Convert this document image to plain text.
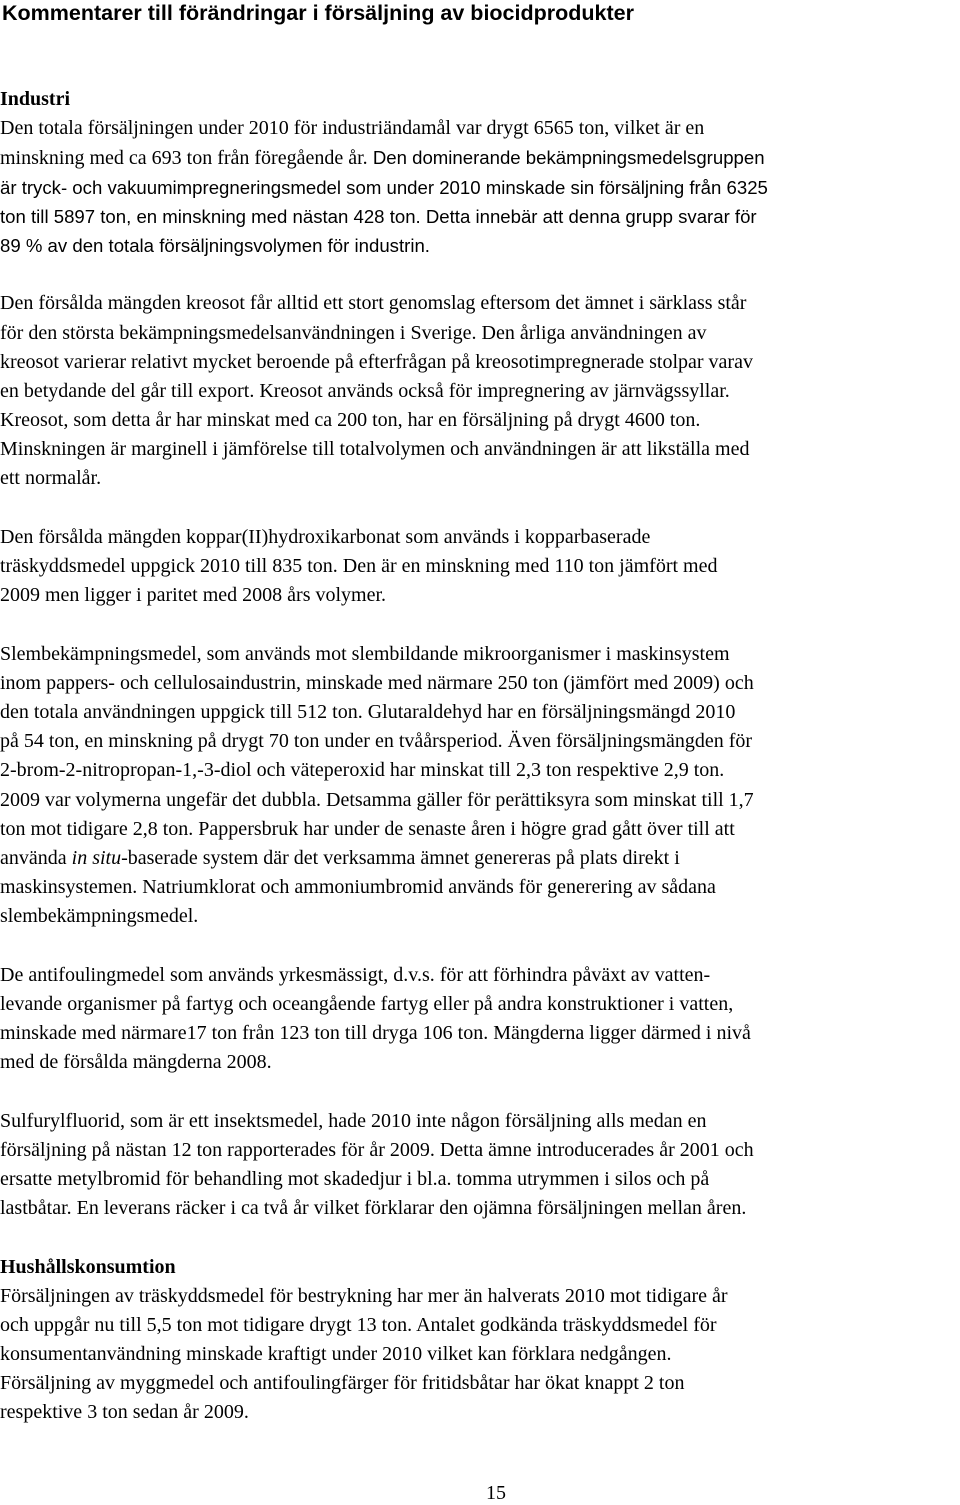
Kommentarer till förändringar i försäljning av biocidprodukter
Industri
Den totala försäljningen under 2010 för industriändamål var drygt 6565 ton, vilket är en
minskning med ca 693 ton från föregående år. Den dominerande bekämpningsmedelsgruppen
är tryck- och vakuumimpregneringsmedel som under 2010 minskade sin försäljning från 6325
ton till 5897 ton, en minskning med nästan 428 ton. Detta innebär att denna grupp svarar för
89 % av den totala försäljningsvolymen för industrin.
Den försålda mängden kreosot får alltid ett stort genomslag eftersom det ämnet i särklass står
för den största bekämpningsmedelsanvändningen i Sverige. Den årliga användningen av
kreosot varierar relativt mycket beroende på efterfrågan på kreosotimpregnerade stolpar varav
en betydande del går till export. Kreosot används också för impregnering av järnvägssyllar.
Kreosot, som detta år har minskat med ca 200 ton, har en försäljning på drygt 4600 ton.
Minskningen är marginell i jämförelse till totalvolymen och användningen är att likställa med
ett normalår.
Den försålda mängden koppar(II)hydroxikarbonat som används i kopparbaserade
träskyddsmedel uppgick 2010 till 835 ton. Den är en minskning med 110 ton jämfört med
2009 men ligger i paritet med 2008 års volymer.
Slembekämpningsmedel, som används mot slembildande mikroorganismer i maskinsystem
inom pappers- och cellulosaindustrin, minskade med närmare 250 ton (jämfört med 2009) och
den totala användningen uppgick till 512 ton. Glutaraldehyd har en försäljningsmängd 2010
på 54 ton, en minskning på drygt 70 ton under en tvåårsperiod. Även försäljningsmängden för
2-brom-2-nitropropan-1,-3-diol och väteperoxid har minskat till 2,3 ton respektive 2,9 ton.
2009 var volymerna ungefär det dubbla. Detsamma gäller för perättiksyra som minskat till 1,7
ton mot tidigare 2,8 ton. Pappersbruk har under de senaste åren i högre grad gått över till att
använda in situ-baserade system där det verksamma ämnet genereras på plats direkt i
maskinsystemen. Natriumklorat och ammoniumbromid används för generering av sådana
slembekämpningsmedel.
De antifoulingmedel som används yrkesmässigt, d.v.s. för att förhindra påväxt av vatten-
levande organismer på fartyg och oceangående fartyg eller på andra konstruktioner i vatten,
minskade med närmare17 ton från 123 ton till dryga 106 ton. Mängderna ligger därmed i nivå
med de försålda mängderna 2008.
Sulfurylfluorid, som är ett insektsmedel, hade 2010 inte någon försäljning alls medan en
försäljning på nästan 12 ton rapporterades för år 2009. Detta ämne introducerades år 2001 och
ersatte metylbromid för behandling mot skadedjur i bl.a. tomma utrymmen i silos och på
lastbåtar. En leverans räcker i ca två år vilket förklarar den ojämna försäljningen mellan åren.
Hushållskonsumtion
Försäljningen av träskyddsmedel för bestrykning har mer än halverats 2010 mot tidigare år
och uppgår nu till 5,5 ton mot tidigare drygt 13 ton. Antalet godkända träskyddsmedel för
konsumentanvändning minskade kraftigt under 2010 vilket kan förklara nedgången.
Försäljning av myggmedel och antifoulingfärger för fritidsbåtar har ökat knappt 2 ton
respektive 3 ton sedan år 2009.
15
